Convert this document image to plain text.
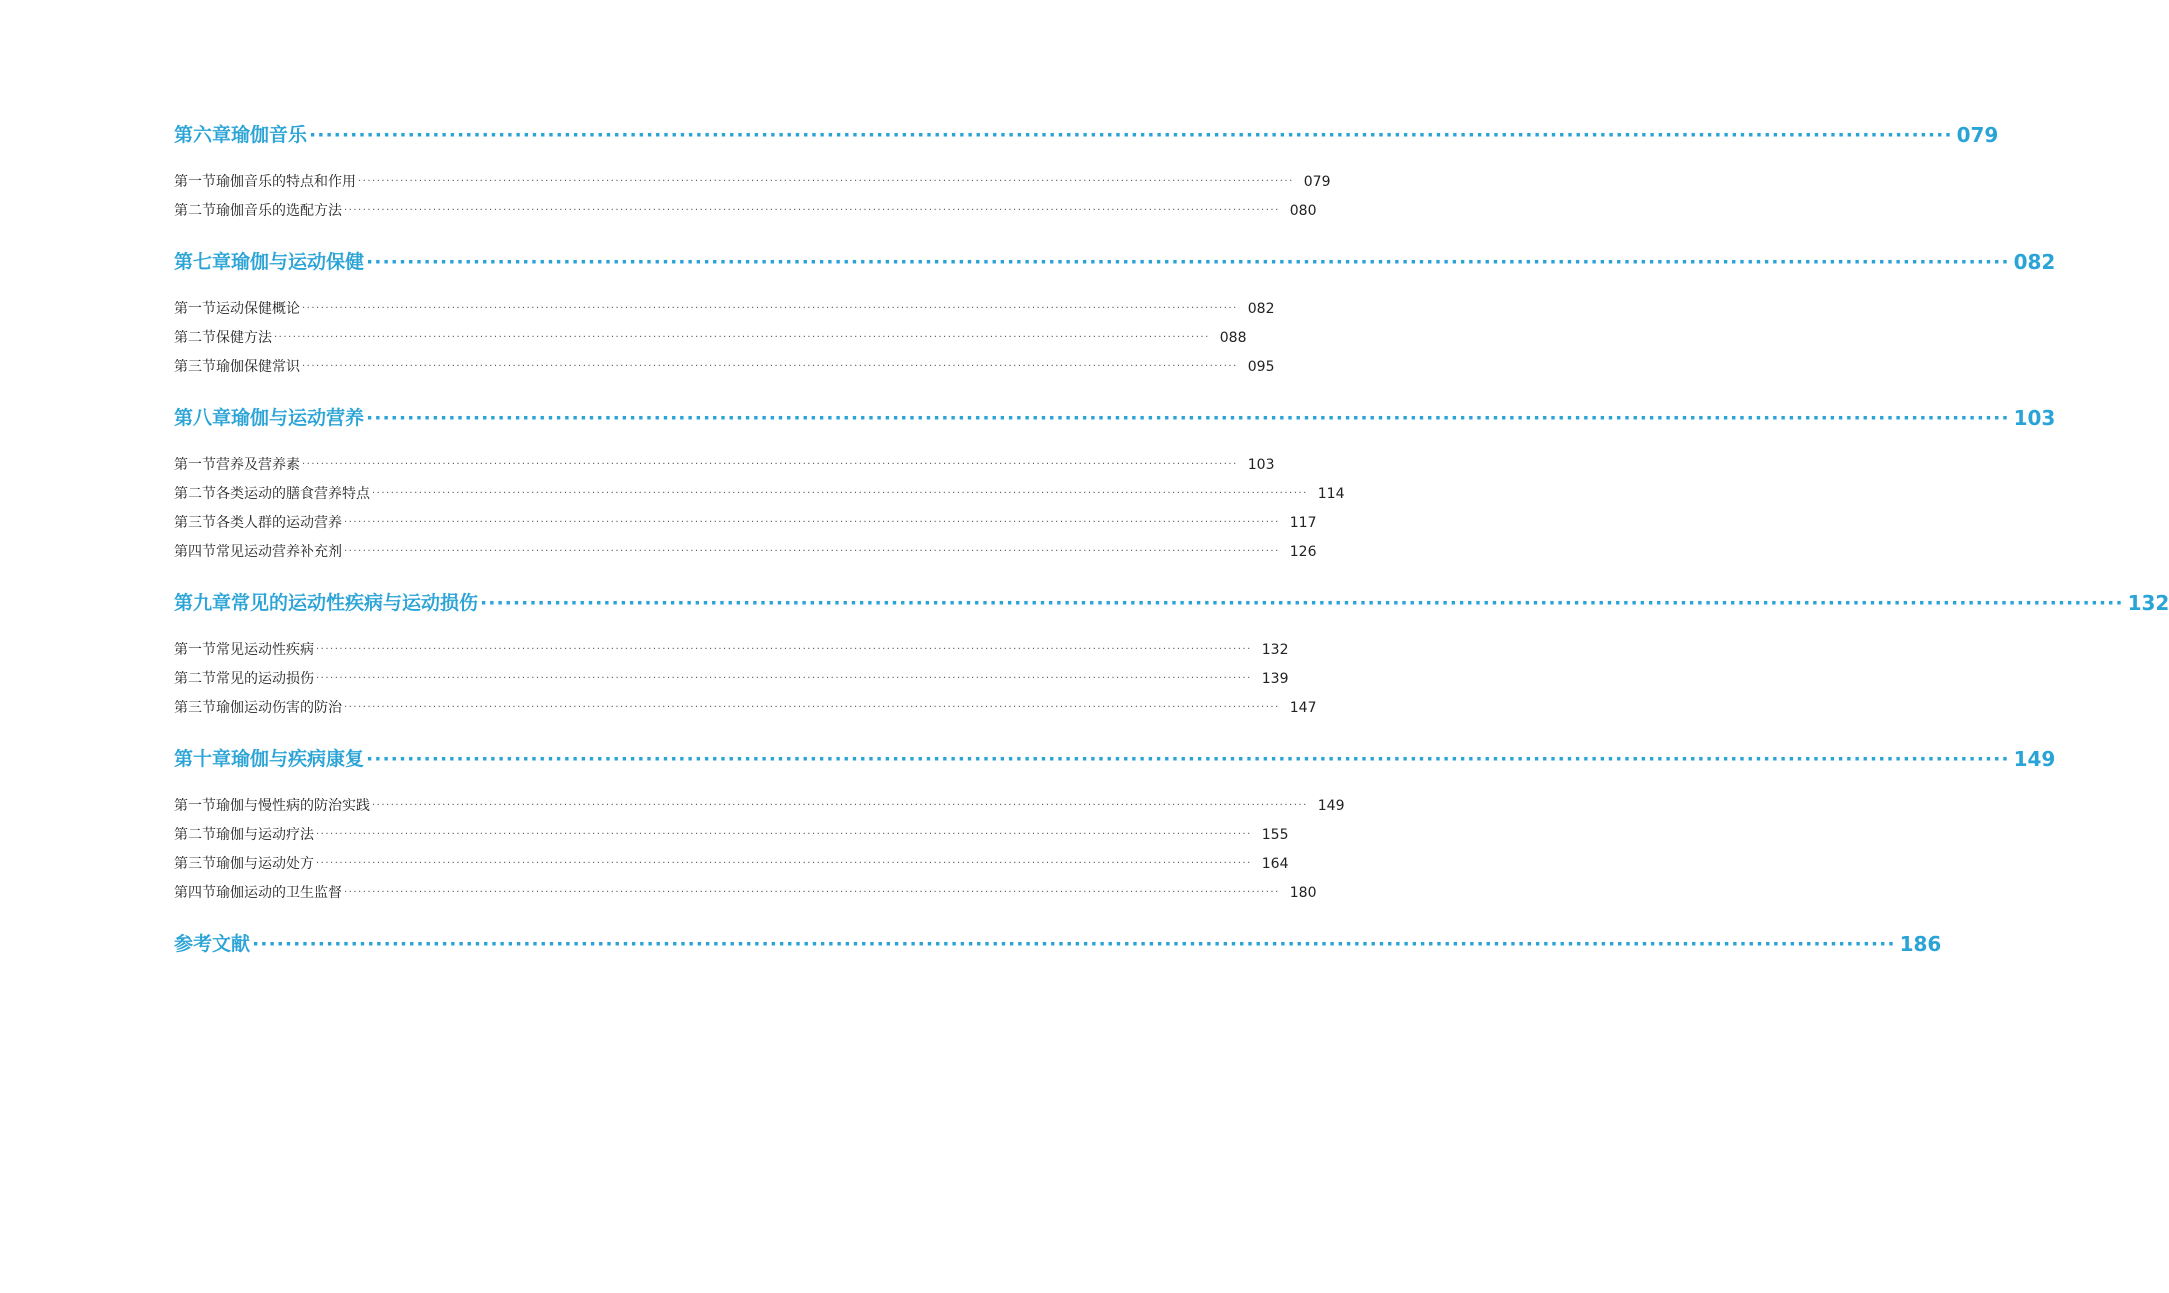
第六章 瑜伽音乐 ········································································································································································································ 079
第一节 瑜伽音乐的特点和作用 ········································································································································································································ 079
第二节 瑜伽音乐的选配方法 ········································································································································································································ 080
第七章 瑜伽与运动保健 ········································································································································································································ 082
第一节 运动保健概论 ········································································································································································································ 082
第二节 保健方法 ········································································································································································································ 088
第三节 瑜伽保健常识 ········································································································································································································ 095
第八章 瑜伽与运动营养 ········································································································································································································ 103
第一节 营养及营养素 ········································································································································································································ 103
第二节 各类运动的膳食营养特点 ········································································································································································································ 114
第三节 各类人群的运动营养 ········································································································································································································ 117
第四节 常见运动营养补充剂 ········································································································································································································ 126
第九章 常见的运动性疾病与运动损伤 ········································································································································································································ 132
第一节 常见运动性疾病 ········································································································································································································ 132
第二节 常见的运动损伤 ········································································································································································································ 139
第三节 瑜伽运动伤害的防治 ········································································································································································································ 147
第十章 瑜伽与疾病康复 ········································································································································································································ 149
第一节 瑜伽与慢性病的防治实践 ········································································································································································································ 149
第二节 瑜伽与运动疗法 ········································································································································································································ 155
第三节 瑜伽与运动处方 ········································································································································································································ 164
第四节 瑜伽运动的卫生监督 ········································································································································································································ 180
参考文献 ········································································································································································································ 186
